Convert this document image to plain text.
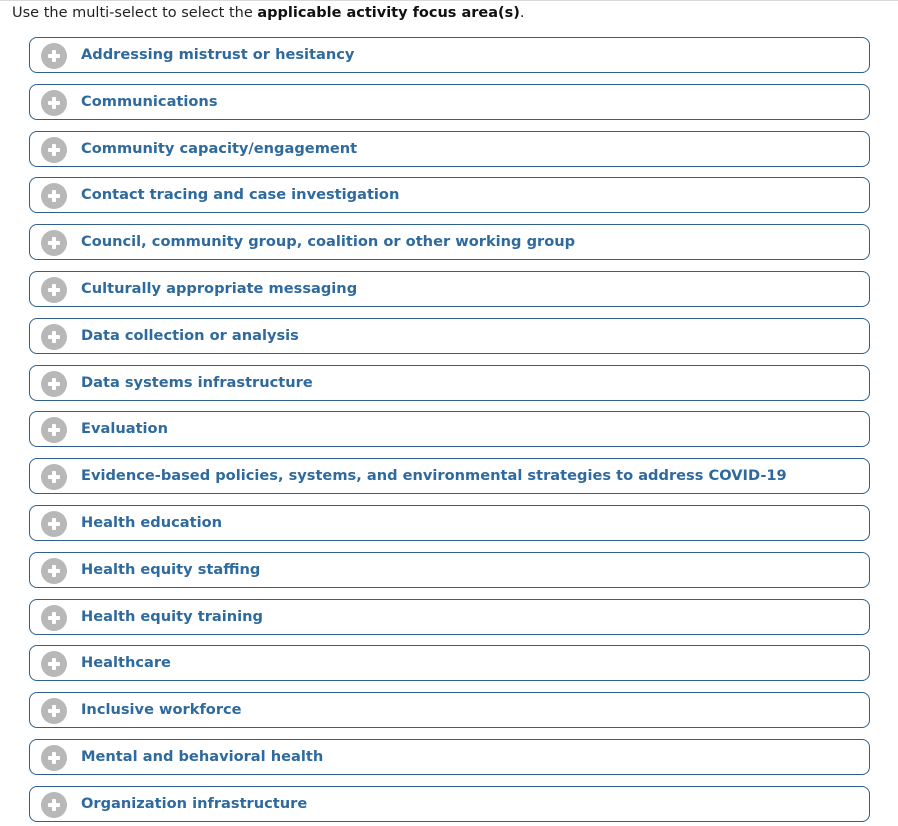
Use the multi-select to select the applicable activity focus area(s).
Addressing mistrust or hesitancy
Communications
Community capacity/engagement
Contact tracing and case investigation
Council, community group, coalition or other working group
Culturally appropriate messaging
Data collection or analysis
Data systems infrastructure
Evaluation
Evidence-based policies, systems, and environmental strategies to address COVID-19
Health education
Health equity staffing
Health equity training
Healthcare
Inclusive workforce
Mental and behavioral health
Organization infrastructure
